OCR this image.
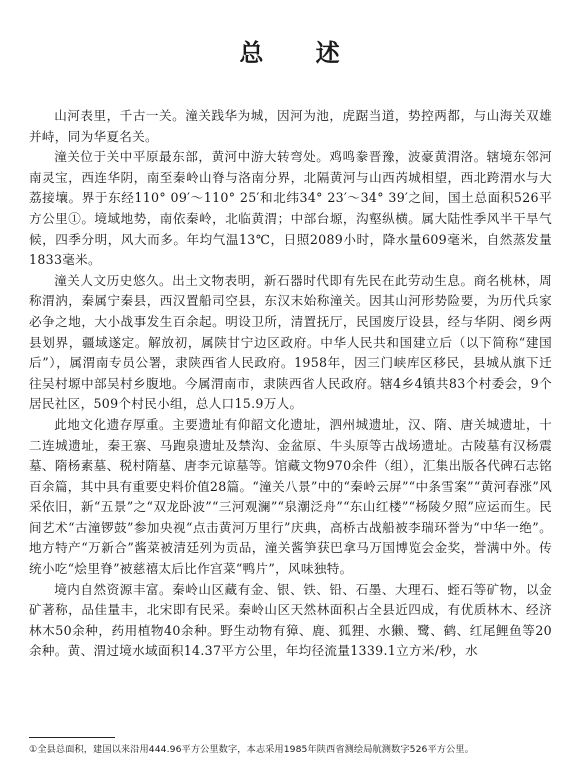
总 述

山河表里，千古一关。潼关践华为城，因河为池，虎踞当道，势控两都，与山海关双雄并峙，同为华夏名关。

潼关位于关中平原最东部，黄河中游大转弯处。鸡鸣豢晋豫，波豪黄渭洛。辖境东邻河南灵宝，西连华阴，南至秦岭山脊与洛南分界，北隔黄河与山西芮城相望，西北跨渭水与大荔接壤。界于东经110° 09′～110° 25′和北纬34° 23′～34° 39′之间，国土总面积526平方公里①。境域地势，南依秦岭，北临黄渭；中部台塬，沟壑纵横。属大陆性季风半干旱气候，四季分明，风大而多。年均气温13℃，日照2089小时，降水量609毫米，自然蒸发量1833毫米。

潼关人文历史悠久。出土文物表明，新石器时代即有先民在此劳动生息。商名桃林，周称渭汭，秦属宁秦县，西汉置船司空县，东汉末始称潼关。因其山河形势险要，为历代兵家必争之地，大小战事发生百余起。明设卫所，清置抚厅，民国废厅设县，经与华阴、阌乡两县划界，疆域遂定。解放初，属陕甘宁边区政府。中华人民共和国建立后（以下简称“建国后”），属渭南专员公署，隶陕西省人民政府。1958年，因三门峡库区移民，县城从旗下迁往吴村塬中部吴村乡腹地。今属渭南市，隶陕西省人民政府。辖4乡4镇共83个村委会，9个居民社区，509个村民小组，总人口15.9万人。

此地文化遗存厚重。主要遗址有仰韶文化遗址，泗州城遗址，汉、隋、唐关城遗址，十二连城遗址，秦王寨、马跑泉遗址及禁沟、金盆原、牛头原等古战场遗址。古陵墓有汉杨震墓、隋杨素墓、税村隋墓、唐李元谅墓等。馆藏文物970余件（组），汇集出版各代碑石志铭百余篇，其中具有重要史料价值28篇。“潼关八景”中的“秦岭云屏”“中条雪案”“黄河春涨”风采依旧，新“五景”之“双龙卧波”“三河观澜”“泉潮泛舟”“东山红楼”“杨陵夕照”应运而生。民间艺术“古潼锣鼓”参加央视“点击黄河万里行”庆典，高桥古战船被李瑞环誉为“中华一绝”。地方特产“万新合”酱菜被清廷列为贡品，潼关酱笋获巴拿马万国博览会金奖，誉满中外。传统小吃“烩里脊”被慈禧太后比作宫菜“鸭片”，风味独特。

境内自然资源丰富。秦岭山区藏有金、银、铁、铅、石墨、大理石、蛭石等矿物，以金矿著称，品佳量丰，北宋即有民采。秦岭山区天然林面积占全县近四成，有优质林木、经济林木50余种，药用植物40余种。野生动物有獐、鹿、狐狸、水獭、鹭、鹤、红尾鲤鱼等20余种。黄、渭过境水域面积14.37平方公里，年均径流量1339.1立方米/秒，水

①全县总面积，建国以来沿用444.96平方公里数字，本志采用1985年陕西省测绘局航测数字526平方公里。
